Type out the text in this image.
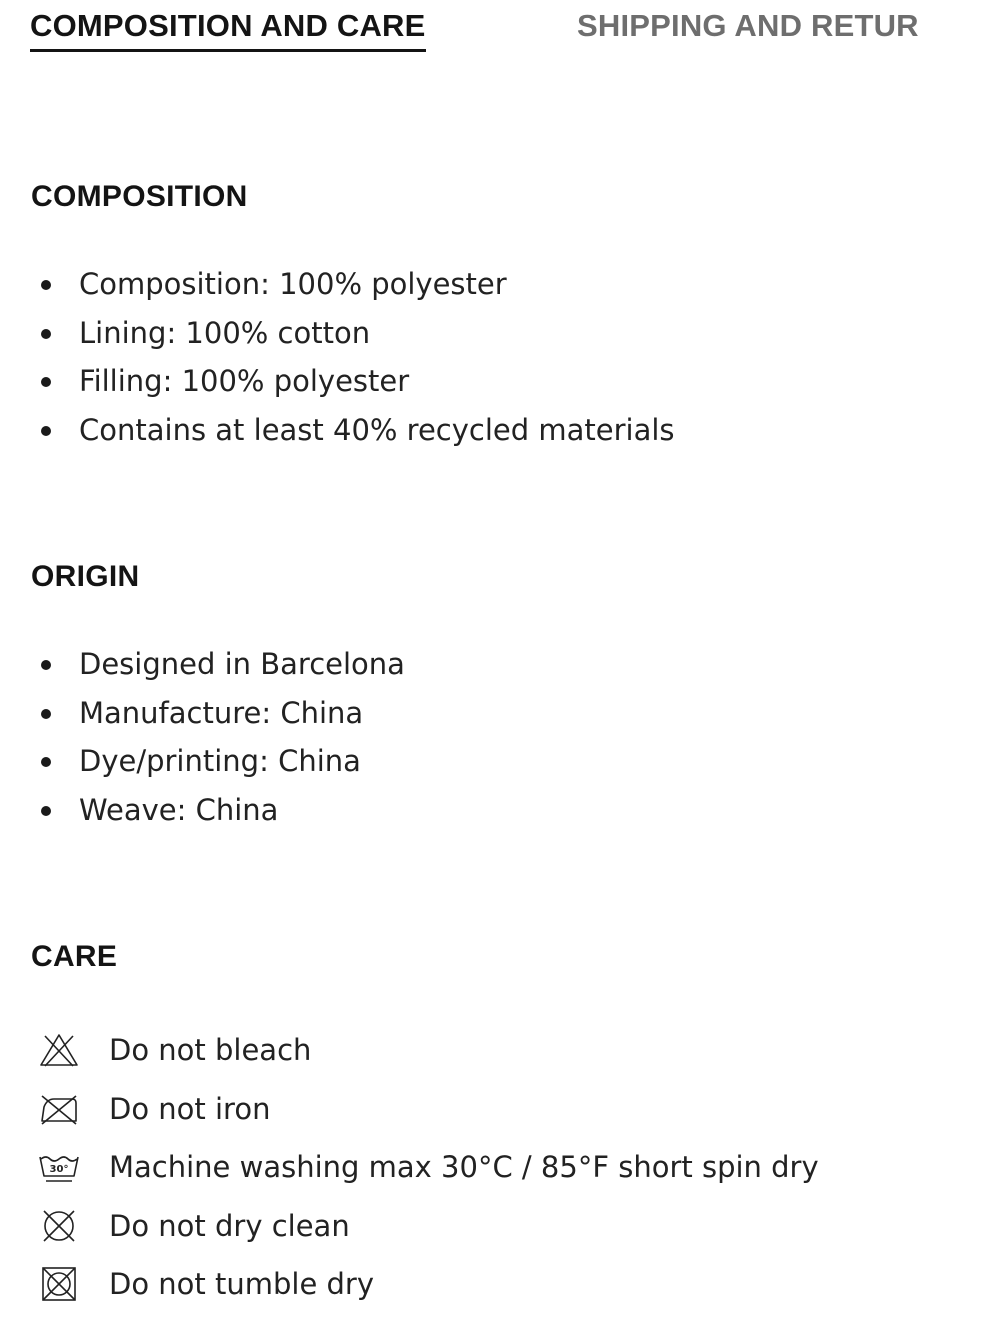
COMPOSITION AND CARE	SHIPPING AND RETUR
COMPOSITION
Composition: 100% polyester
Lining: 100% cotton
Filling: 100% polyester
Contains at least 40% recycled materials
ORIGIN
Designed in Barcelona
Manufacture: China
Dye/printing: China
Weave: China
CARE
Do not bleach
Do not iron
30° Machine washing max 30°C / 85°F short spin dry
Do not dry clean
Do not tumble dry
